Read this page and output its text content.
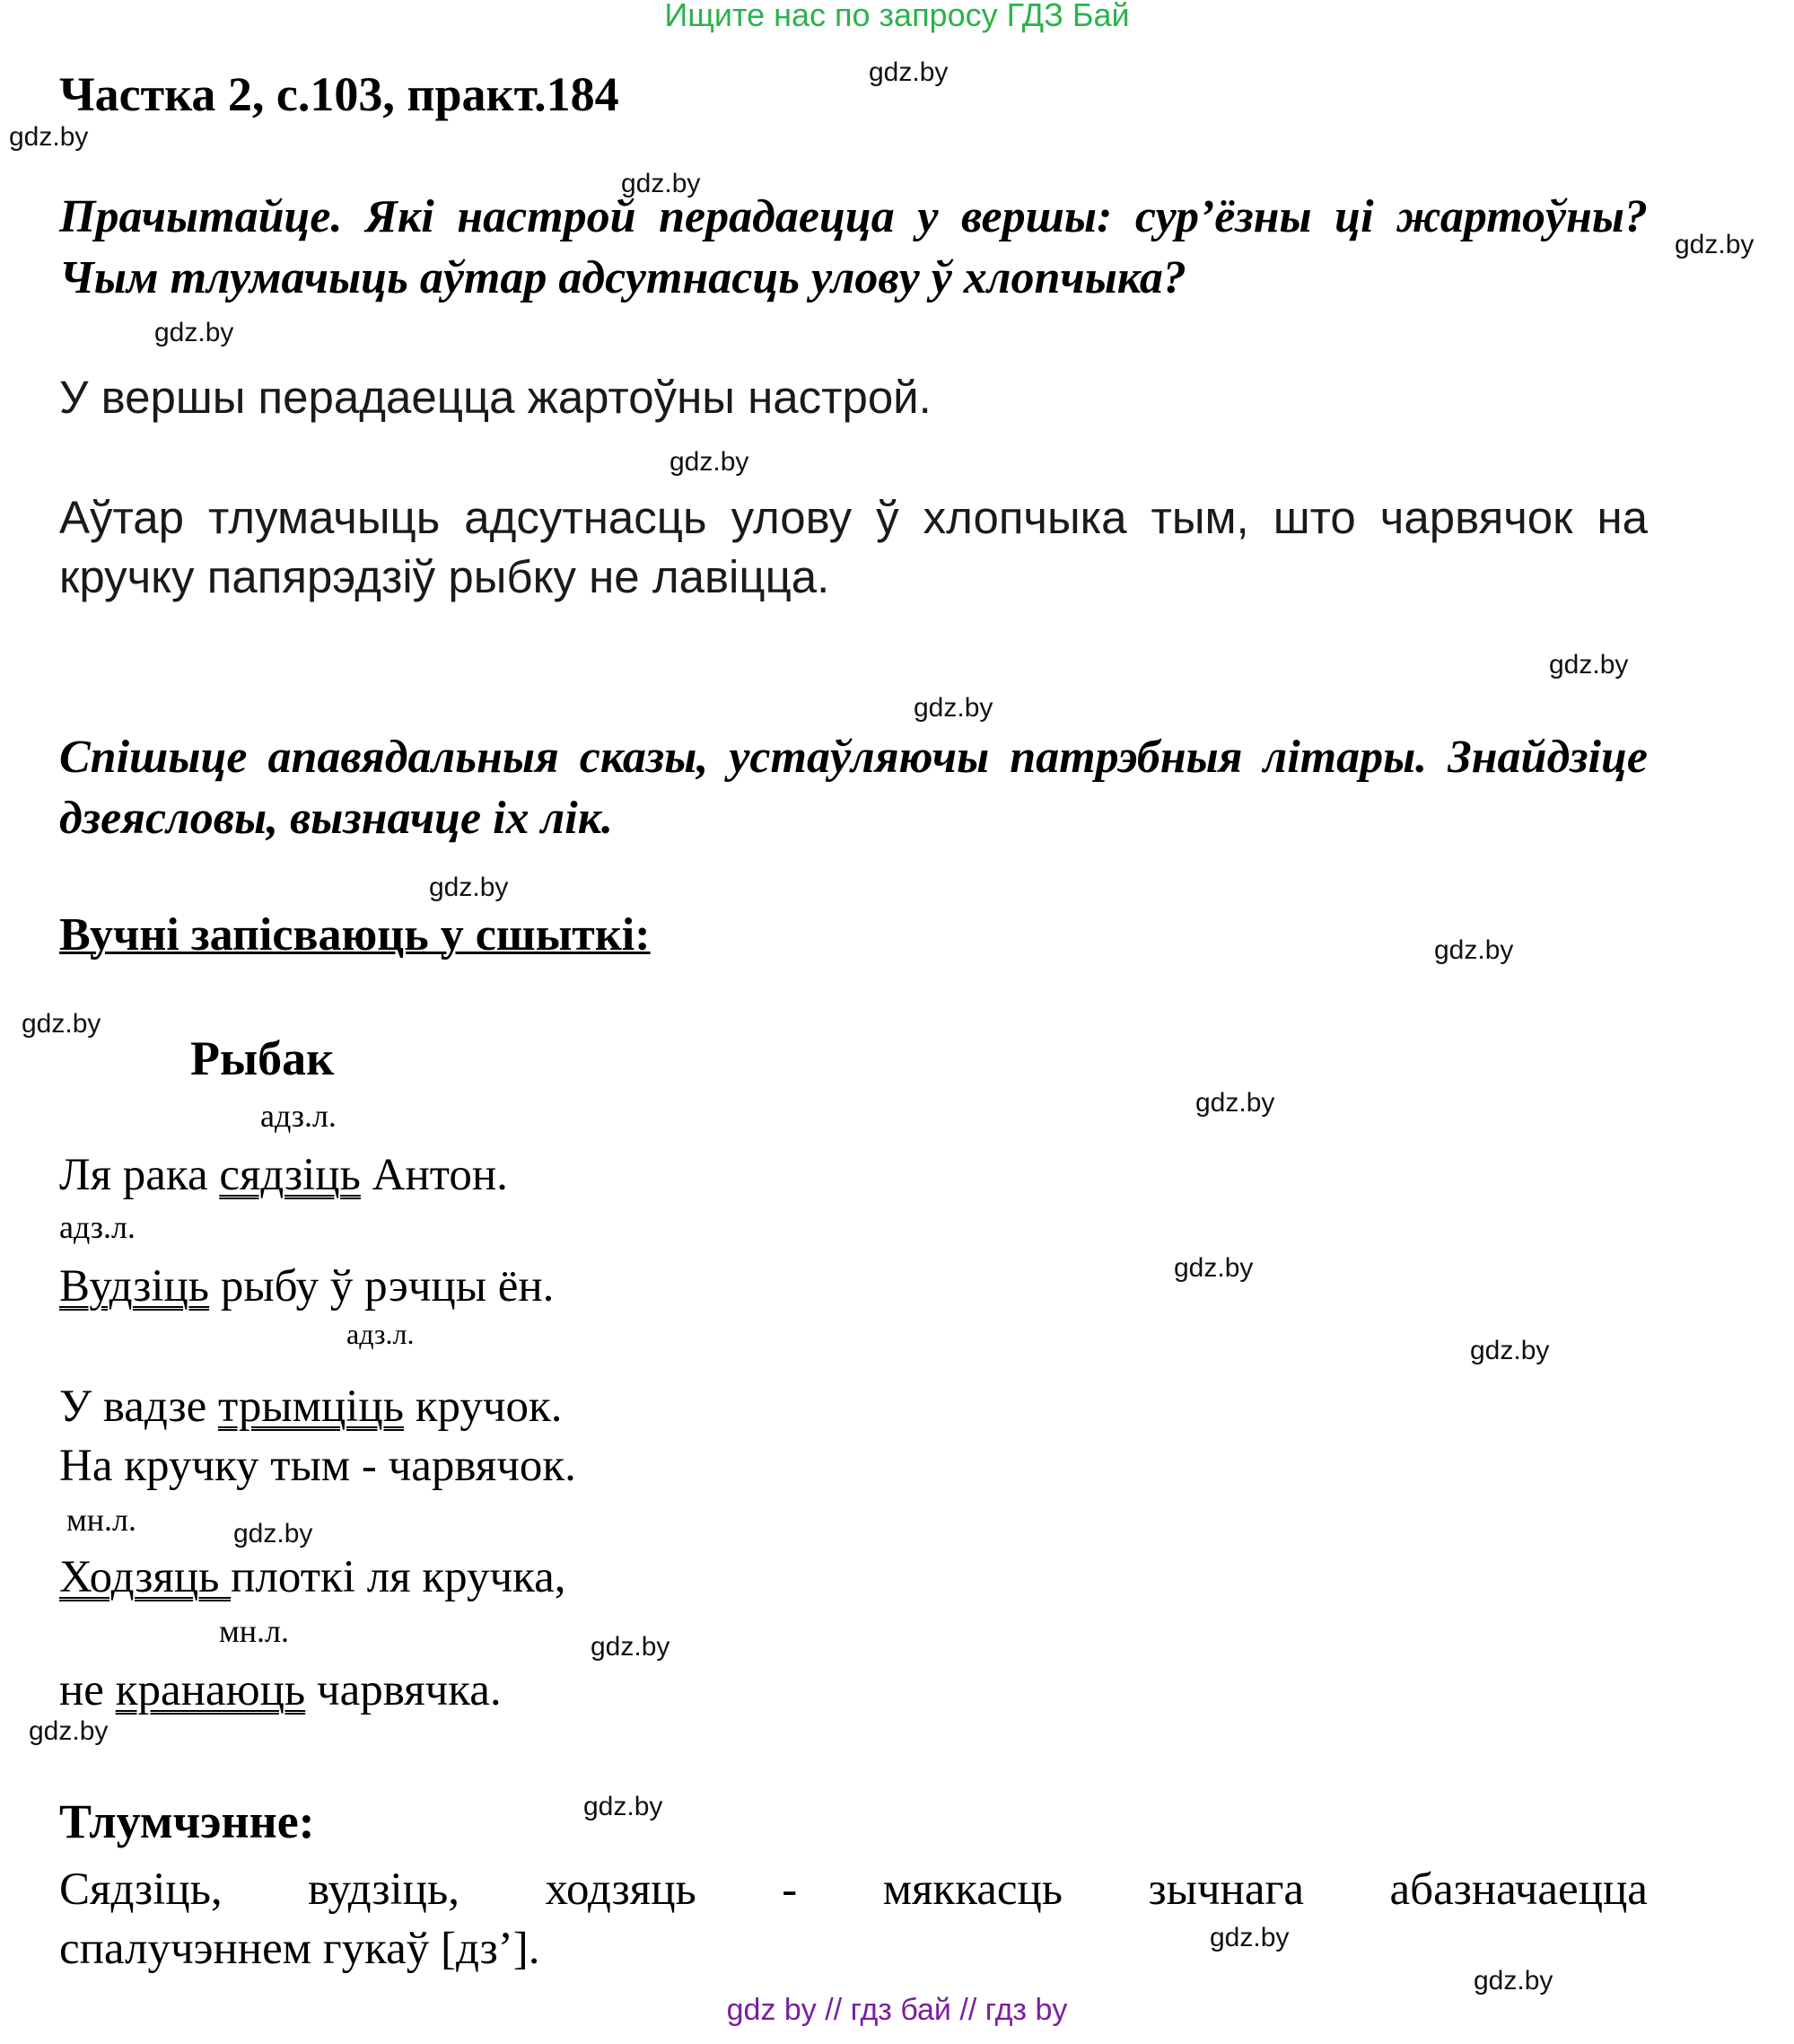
Ищите нас по запросу ГДЗ Бай
gdz.by
gdz.by
gdz.by
gdz.by
gdz.by
gdz.by
gdz.by
gdz.by
gdz.by
gdz.by
gdz.by
gdz.by
gdz.by
gdz.by
gdz.by
gdz.by
gdz.by
gdz.by
gdz.by
gdz.by
Частка 2, с.103, практ.184
Прачытайце. Які настрой перадаецца у вершы: сур’ёзны ці жартоўны? Чым тлумачыць аўтар адсутнасць улову ў хлопчыка?
У вершы перадаецца жартоўны настрой.
Аўтар тлумачыць адсутнасць улову ў хлопчыка тым, што чарвячок на кручку папярэдзіў рыбку не лавіцца.
Спішыце апавядальныя сказы, устаўляючы патрэбныя літары. Знайдзіце дзеясловы, вызначце іх лік.
Вучні запісваюць у сшыткі:
Рыбак
адз.л.
Ля рака сядзіць Антон.
адз.л.
Вудзіць рыбу ў рэчцы ён.
адз.л.
У вадзе трымціць кручок.
На кручку тым - чарвячок.
мн.л.
Ходзяць плоткі ля кручка,
мн.л.
не кранаюць чарвячка.
Тлумчэнне:
Сядзіць, вудзіць, ходзяць - мяккасць зычнага абазначаецца
спалучэннем гукаў [дз’].
gdz by // гдз бай // гдз by
